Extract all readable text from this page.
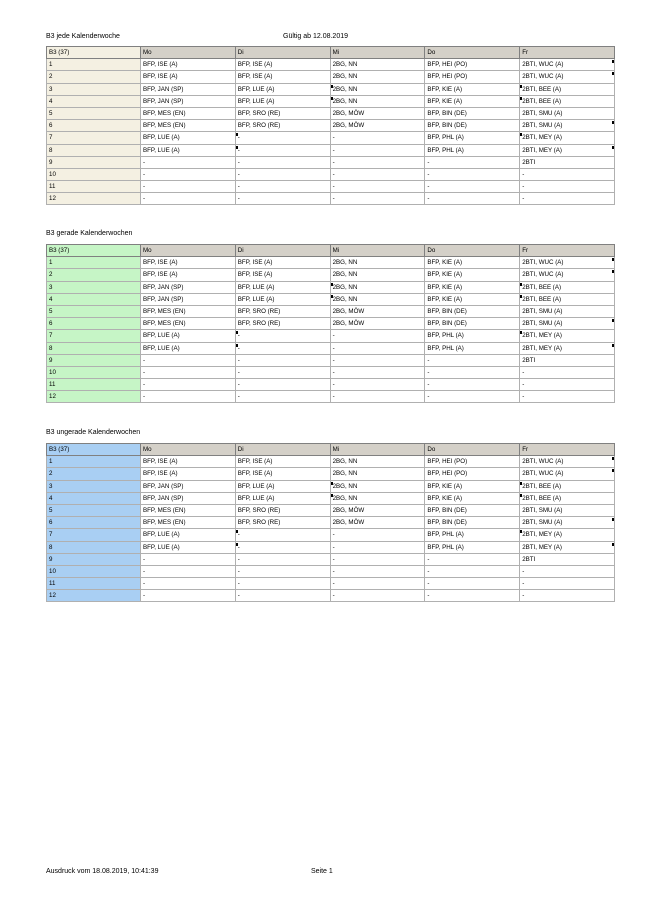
B3 jede Kalenderwoche	Gültig ab 12.08.2019
B3 (37)	Mo	Di	Mi	Do	Fr
1	BFP, ISE (A)	BFP, ISE (A)	2BG, NN	BFP, HEI (PO)	2BTI, WUC (A)
2	BFP, ISE (A)	BFP, ISE (A)	2BG, NN	BFP, HEI (PO)	2BTI, WUC (A)
3	BFP, JAN (SP)	BFP, LUE (A)	2BG, NN	BFP, KIE (A)	2BTI, BEE (A)
4	BFP, JAN (SP)	BFP, LUE (A)	2BG, NN	BFP, KIE (A)	2BTI, BEE (A)
5	BFP, MES (EN)	BFP, SRO (RE)	2BG, MÖW	BFP, BIN (DE)	2BTI, SMU (A)
6	BFP, MES (EN)	BFP, SRO (RE)	2BG, MÖW	BFP, BIN (DE)	2BTI, SMU (A)
7	BFP, LUE (A)	-	-	BFP, PHL (A)	2BTI, MEY (A)
8	BFP, LUE (A)	-	-	BFP, PHL (A)	2BTI, MEY (A)
9	-	-	-	-	2BTI
10	-	-	-	-	-
11	-	-	-	-	-
12	-	-	-	-	-
B3 gerade Kalenderwochen
B3 (37)	Mo	Di	Mi	Do	Fr
1	BFP, ISE (A)	BFP, ISE (A)	2BG, NN	BFP, KIE (A)	2BTI, WUC (A)
2	BFP, ISE (A)	BFP, ISE (A)	2BG, NN	BFP, KIE (A)	2BTI, WUC (A)
3	BFP, JAN (SP)	BFP, LUE (A)	2BG, NN	BFP, KIE (A)	2BTI, BEE (A)
4	BFP, JAN (SP)	BFP, LUE (A)	2BG, NN	BFP, KIE (A)	2BTI, BEE (A)
5	BFP, MES (EN)	BFP, SRO (RE)	2BG, MÖW	BFP, BIN (DE)	2BTI, SMU (A)
6	BFP, MES (EN)	BFP, SRO (RE)	2BG, MÖW	BFP, BIN (DE)	2BTI, SMU (A)
7	BFP, LUE (A)	-	-	BFP, PHL (A)	2BTI, MEY (A)
8	BFP, LUE (A)	-	-	BFP, PHL (A)	2BTI, MEY (A)
9	-	-	-	-	2BTI
10	-	-	-	-	-
11	-	-	-	-	-
12	-	-	-	-	-
B3 ungerade Kalenderwochen
B3 (37)	Mo	Di	Mi	Do	Fr
1	BFP, ISE (A)	BFP, ISE (A)	2BG, NN	BFP, HEI (PO)	2BTI, WUC (A)
2	BFP, ISE (A)	BFP, ISE (A)	2BG, NN	BFP, HEI (PO)	2BTI, WUC (A)
3	BFP, JAN (SP)	BFP, LUE (A)	2BG, NN	BFP, KIE (A)	2BTI, BEE (A)
4	BFP, JAN (SP)	BFP, LUE (A)	2BG, NN	BFP, KIE (A)	2BTI, BEE (A)
5	BFP, MES (EN)	BFP, SRO (RE)	2BG, MÖW	BFP, BIN (DE)	2BTI, SMU (A)
6	BFP, MES (EN)	BFP, SRO (RE)	2BG, MÖW	BFP, BIN (DE)	2BTI, SMU (A)
7	BFP, LUE (A)	-	-	BFP, PHL (A)	2BTI, MEY (A)
8	BFP, LUE (A)	-	-	BFP, PHL (A)	2BTI, MEY (A)
9	-	-	-	-	2BTI
10	-	-	-	-	-
11	-	-	-	-	-
12	-	-	-	-	-
Ausdruck vom 18.08.2019, 10:41:39	Seite 1
